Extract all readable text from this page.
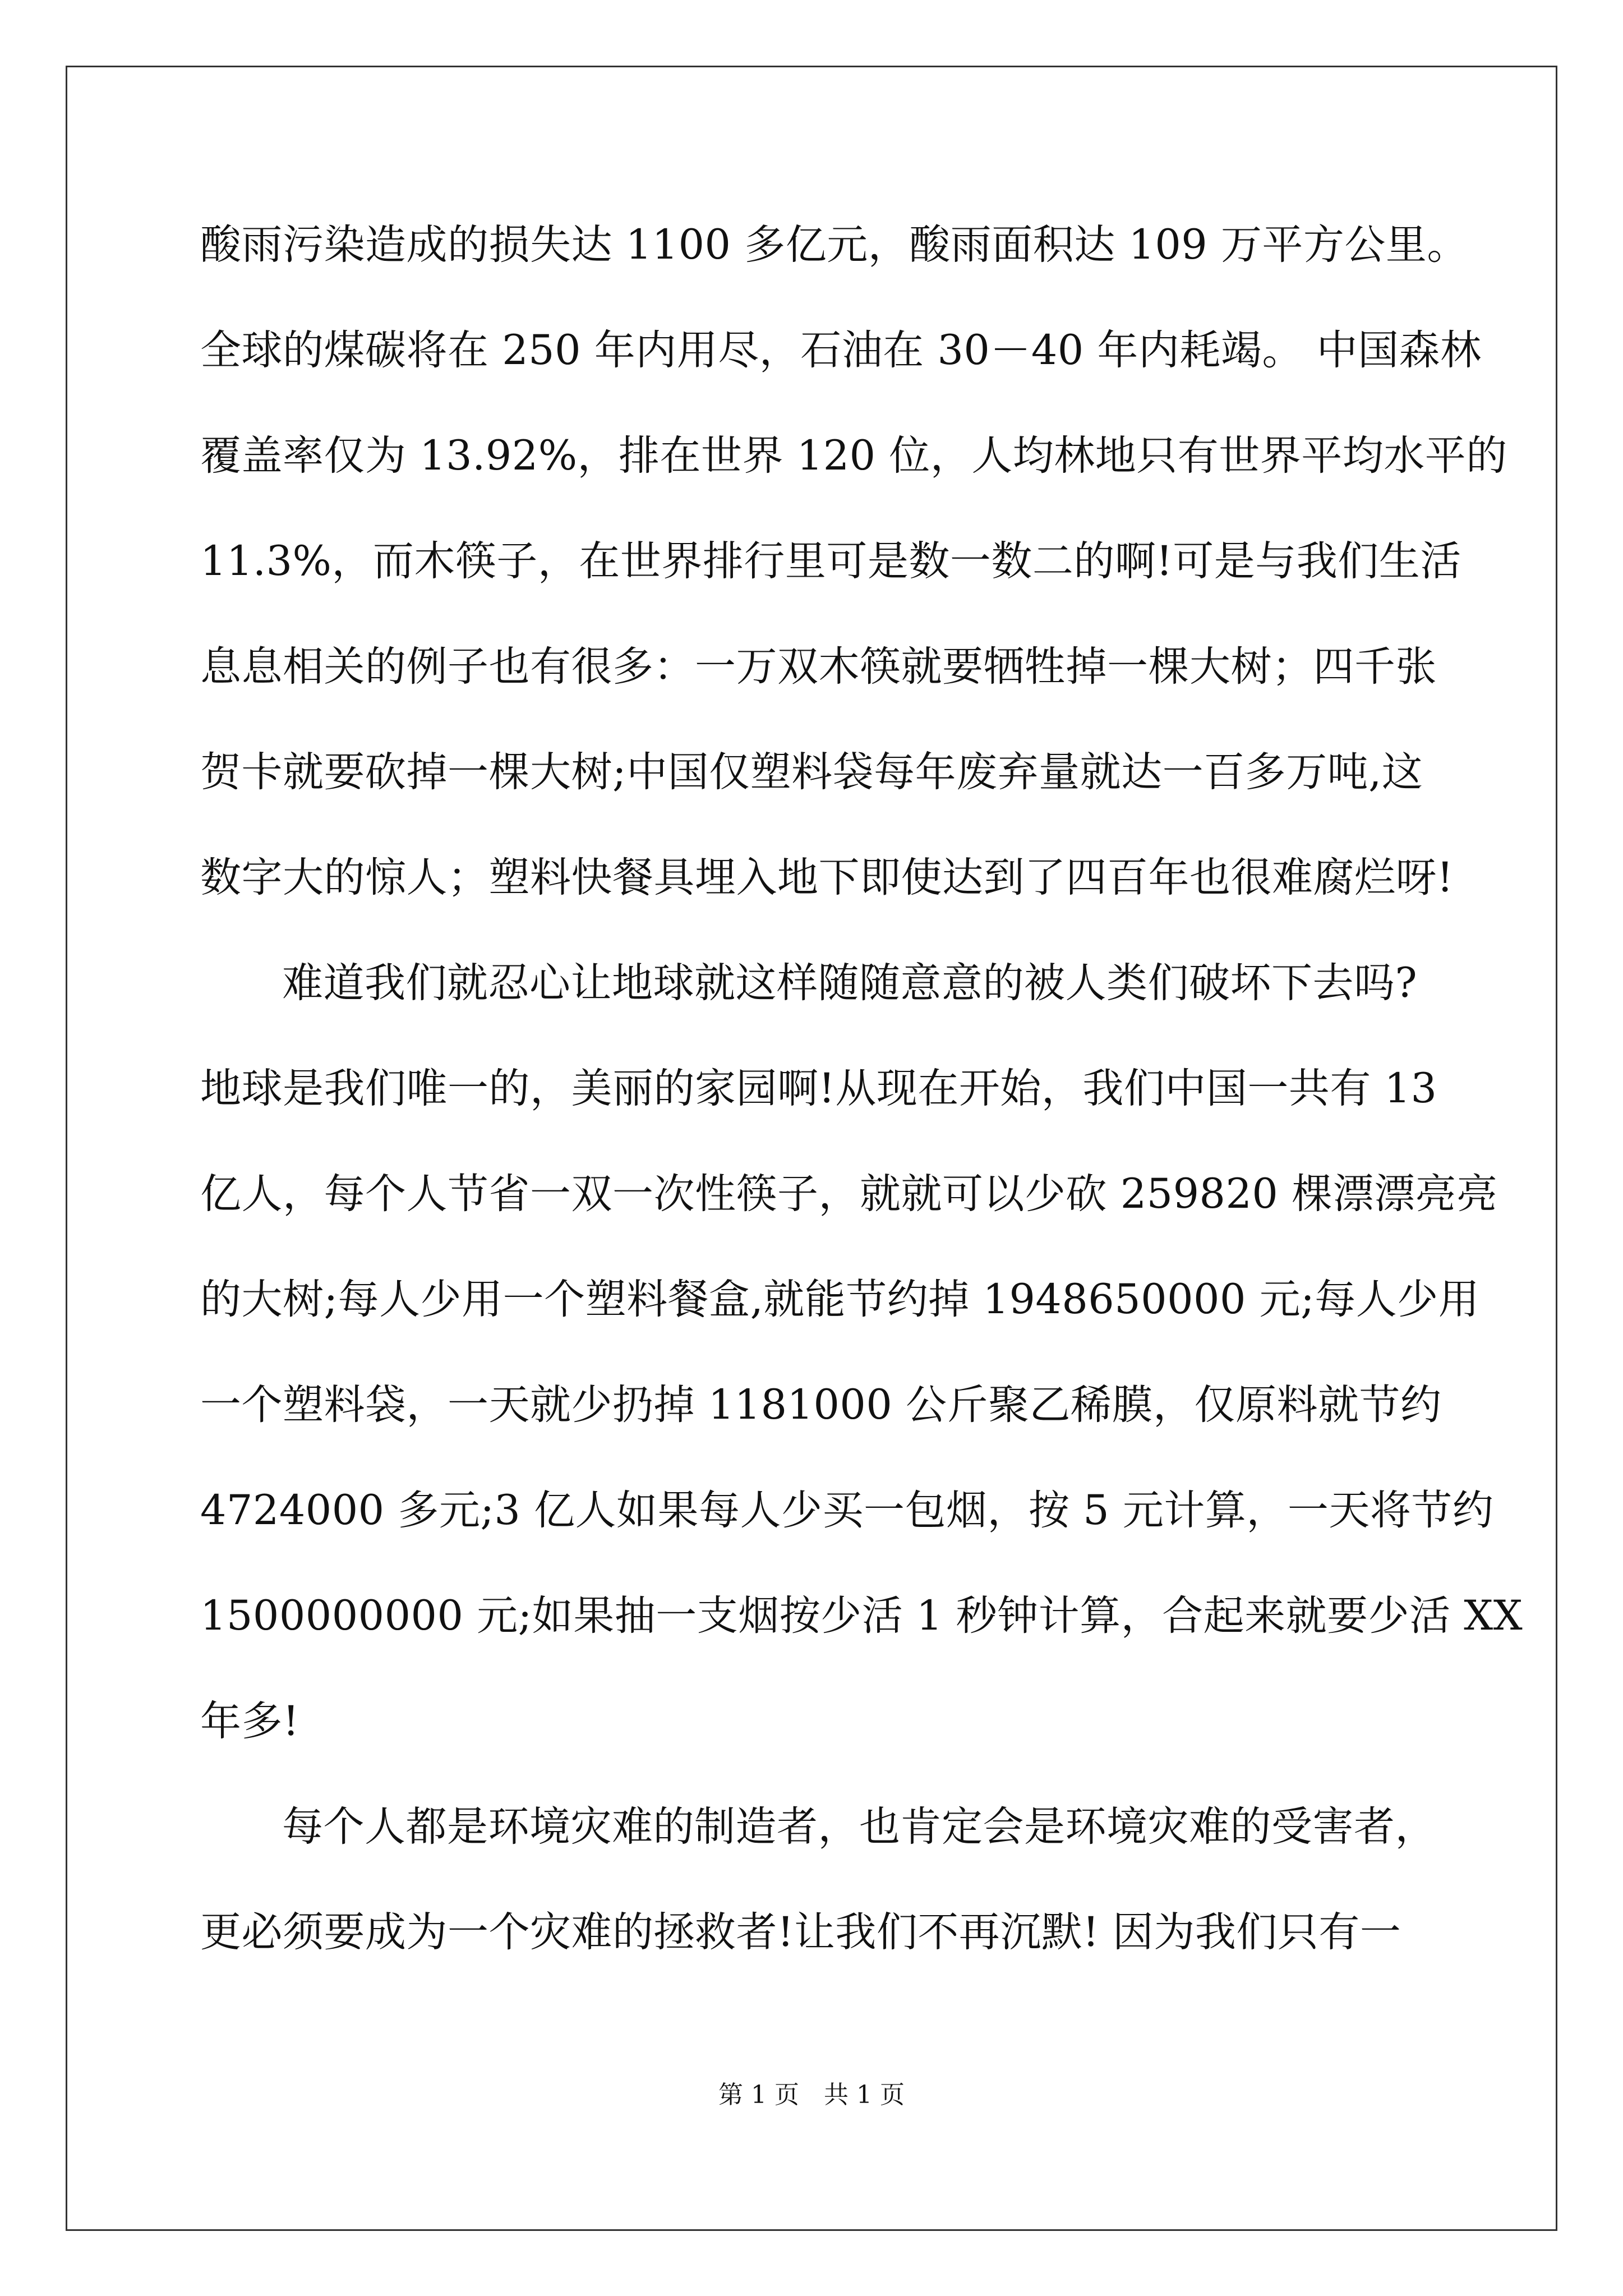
酸雨污染造成的损失达 1100 多亿元，酸雨面积达 109 万平方公里。
全球的煤碳将在 250 年内用尽，石油在 30－40 年内耗竭。 中国森林
覆盖率仅为 13.92%，排在世界 120 位，人均林地只有世界平均水平的
11.3%，而木筷子，在世界排行里可是数一数二的啊!可是与我们生活
息息相关的例子也有很多：一万双木筷就要牺牲掉一棵大树；四千张
贺卡就要砍掉一棵大树;中国仅塑料袋每年废弃量就达一百多万吨,这
数字大的惊人；塑料快餐具埋入地下即使达到了四百年也很难腐烂呀!
难道我们就忍心让地球就这样随随意意的被人类们破坏下去吗?
地球是我们唯一的，美丽的家园啊!从现在开始，我们中国一共有 13
亿人，每个人节省一双一次性筷子，就就可以少砍 259820 棵漂漂亮亮
的大树;每人少用一个塑料餐盒,就能节约掉 1948650000 元;每人少用
一个塑料袋，一天就少扔掉 1181000 公斤聚乙稀膜，仅原料就节约
4724000 多元;3 亿人如果每人少买一包烟，按 5 元计算，一天将节约
1500000000 元;如果抽一支烟按少活 1 秒钟计算，合起来就要少活 XX
年多!
每个人都是环境灾难的制造者，也肯定会是环境灾难的受害者，
更必须要成为一个灾难的拯救者!让我们不再沉默! 因为我们只有一
第 1 页　共 1 页
